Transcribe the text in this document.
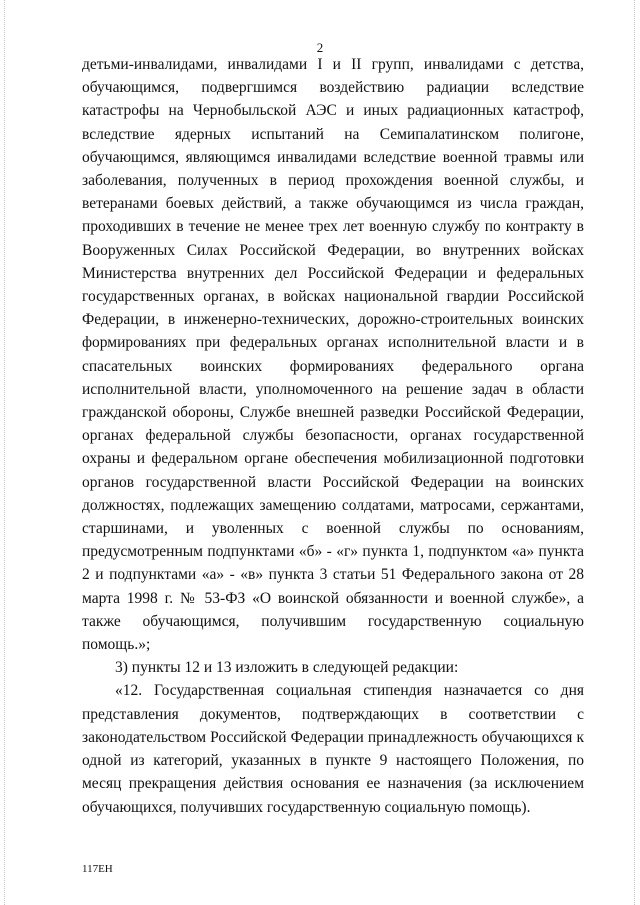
2

детьми-инвалидами, инвалидами I и II групп, инвалидами с детства, обучающимся, подвергшимся воздействию радиации вследствие катастрофы на Чернобыльской АЭС и иных радиационных катастроф, вследствие ядерных испытаний на Семипалатинском полигоне, обучающимся, являющимся инвалидами вследствие военной травмы или заболевания, полученных в период прохождения военной службы, и ветеранами боевых действий, а также обучающимся из числа граждан, проходивших в течение не менее трех лет военную службу по контракту в Вооруженных Силах Российской Федерации, во внутренних войсках Министерства внутренних дел Российской Федерации и федеральных государственных органах, в войсках национальной гвардии Российской Федерации, в инженерно-технических, дорожно-строительных воинских формированиях при федеральных органах исполнительной власти и в спасательных воинских формированиях федерального органа исполнительной власти, уполномоченного на решение задач в области гражданской обороны, Службе внешней разведки Российской Федерации, органах федеральной службы безопасности, органах государственной охраны и федеральном органе обеспечения мобилизационной подготовки органов государственной власти Российской Федерации на воинских должностях, подлежащих замещению солдатами, матросами, сержантами, старшинами, и уволенных с военной службы по основаниям, предусмотренным подпунктами «б» - «г» пункта 1, подпунктом «а» пункта 2 и подпунктами «а» - «в» пункта 3 статьи 51 Федерального закона от 28 марта 1998 г. № 53-ФЗ «О воинской обязанности и военной службе», а также обучающимся, получившим государственную социальную помощь.»;

3) пункты 12 и 13 изложить в следующей редакции:

«12. Государственная социальная стипендия назначается со дня представления документов, подтверждающих в соответствии с законодательством Российской Федерации принадлежность обучающихся к одной из категорий, указанных в пункте 9 настоящего Положения, по месяц прекращения действия основания ее назначения (за исключением обучающихся, получивших государственную социальную помощь).

117ЕН
